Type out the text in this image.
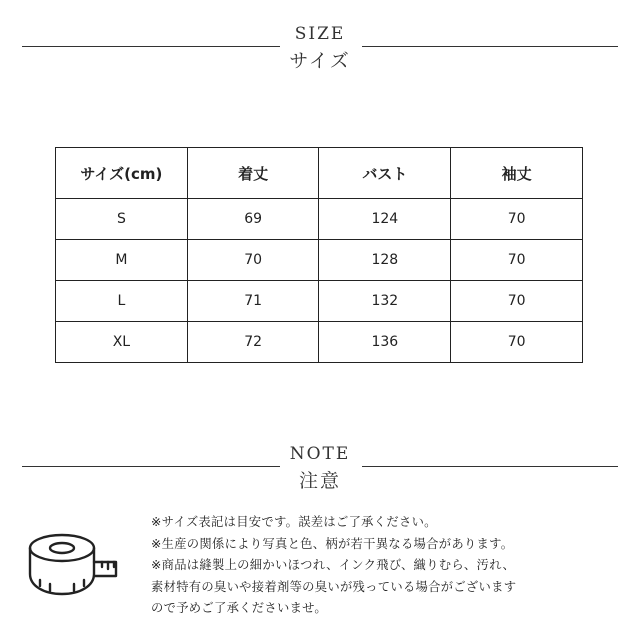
SIZE
サイズ
サイズ(cm)	着丈	バスト	袖丈
S	69	124	70
M	70	128	70
L	71	132	70
XL	72	136	70
NOTE
注意

※サイズ表記は目安です。誤差はご了承ください。

※生産の関係により写真と色、柄が若干異なる場合があります。

※商品は縫製上の細かいほつれ、インク飛び、織りむら、汚れ、

素材特有の臭いや接着剤等の臭いが残っている場合がございます

ので予めご了承くださいませ。
